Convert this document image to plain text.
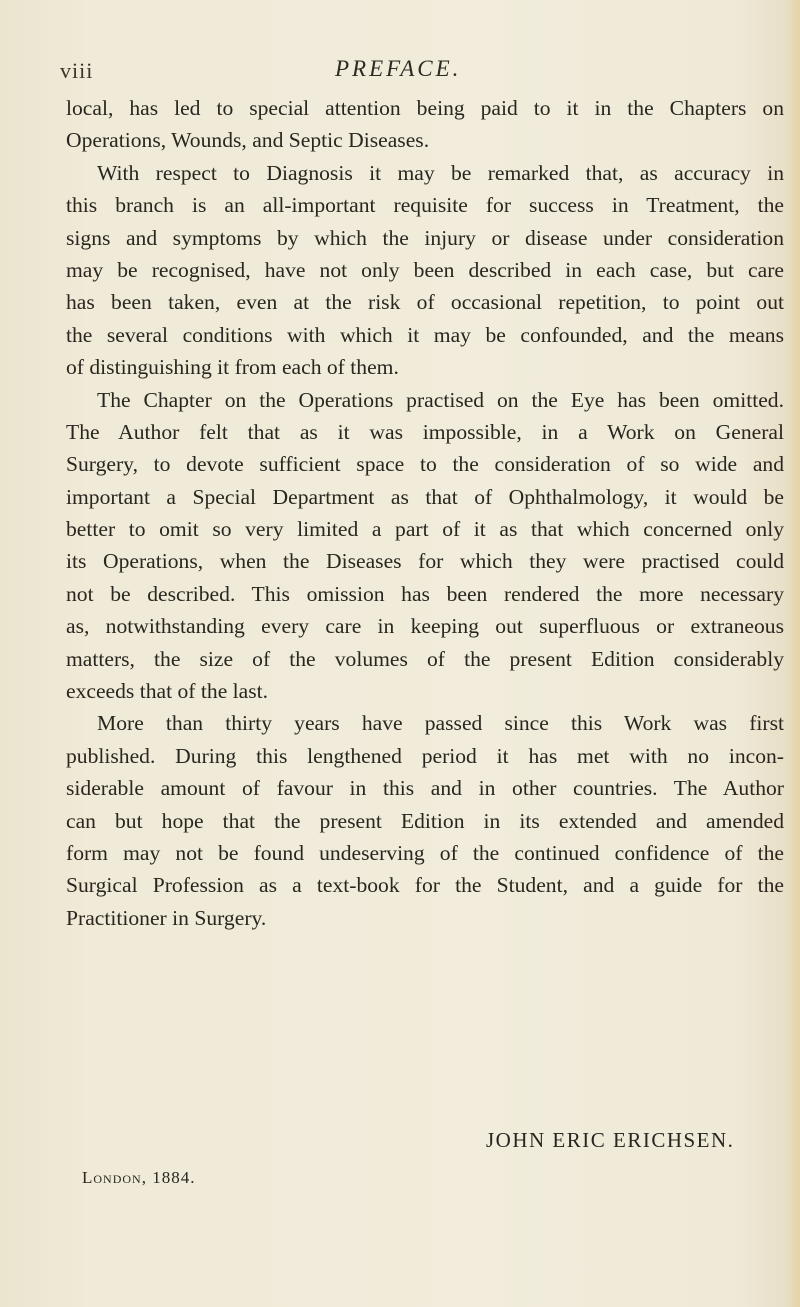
viii	PREFACE.
local, has led to special attention being paid to it in the Chapters on
Operations, Wounds, and Septic Diseases.
With respect to Diagnosis it may be remarked that, as accuracy in
this branch is an all-important requisite for success in Treatment, the
signs and symptoms by which the injury or disease under consideration
may be recognised, have not only been described in each case, but care
has been taken, even at the risk of occasional repetition, to point out
the several conditions with which it may be confounded, and the means
of distinguishing it from each of them.
The Chapter on the Operations practised on the Eye has been omitted.
The Author felt that as it was impossible, in a Work on General
Surgery, to devote sufficient space to the consideration of so wide and
important a Special Department as that of Ophthalmology, it would be
better to omit so very limited a part of it as that which concerned only
its Operations, when the Diseases for which they were practised could
not be described. This omission has been rendered the more necessary
as, notwithstanding every care in keeping out superfluous or extraneous
matters, the size of the volumes of the present Edition considerably
exceeds that of the last.
More than thirty years have passed since this Work was first
published. During this lengthened period it has met with no incon-
siderable amount of favour in this and in other countries. The Author
can but hope that the present Edition in its extended and amended
form may not be found undeserving of the continued confidence of the
Surgical Profession as a text-book for the Student, and a guide for the
Practitioner in Surgery.
JOHN ERIC ERICHSEN.
London, 1884.
